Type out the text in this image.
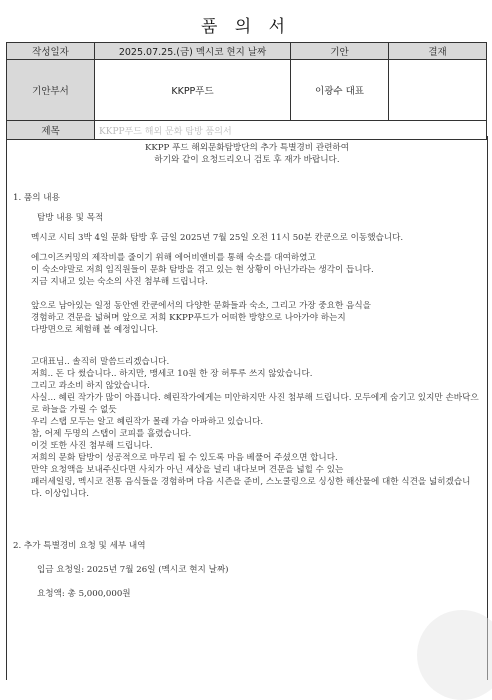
품 의 서
작성일자	2025.07.25.(금) 멕시코 현지 날짜	기안	결재
기안부서	KKPP푸드	이광수 대표	
제목	KKPP푸드 해외 문화 탐방 품의서		

KKPP 푸드 해외문화탐방단의 추가 특별경비 관련하여

하기와 같이 요청드리오니 검토 후 재가 바랍니다.

1. 품의 내용

탐방 내용 및 목적

멕시코 시티 3박 4일 문화 탐방 후 금일 2025년 7월 25일 오전 11시 50분 칸쿤으로 이동했습니다.

에그이즈커밍의 제작비를 줄이기 위해 에어비앤비를 통해 숙소를 대여하였고

이 숙소야말로 저희 임직원들이 문화 탐방을 겪고 있는 현 상황이 아닌가라는 생각이 듭니다.

지금 지내고 있는 숙소의 사진 첨부해 드립니다.

앞으로 남아있는 일정 동안엔 칸쿤에서의 다양한 문화들과 숙소, 그리고 가장 중요한 음식을

경험하고 견문을 넓혀며 앞으로 저희 KKPP푸드가 어떠한 방향으로 나아가야 하는지

다방면으로 체험해 볼 예정입니다.

고대표님.. 솔직히 말씀드리겠습니다.

저희.. 돈 다 썼습니다.. 하지만, 맹세코 10원 한 장 허투루 쓰지 않았습니다.

그리고 과소비 하지 않았습니다.

사실... 혜린 작가가 많이 아픕니다. 혜린작가에게는 미안하지만 사진 첨부해 드립니다. 모두에게 숨기고 있지만 손바닥으로 하늘을 가릴 수 없듯

우리 스탭 모두는 알고 혜린작가 몰래 가슴 아파하고 있습니다.

참, 어제 두명의 스탭이 코피를 흘렸습니다.

이것 또한 사진 첨부해 드립니다.

저희의 문화 탐방이 성공적으로 마무리 될 수 있도록 마음 베풀어 주셨으면 합니다.

만약 요청액을 보내주신다면 사치가 아닌 세상을 널리 내다보며 견문을 넓힐 수 있는

패러세일링, 멕시코 전통 음식들을 경험하며 다음 시즌을 준비, 스노쿨링으로 싱싱한 해산물에 대한 식견을 넓히겠습니다. 이상입니다.

2. 추가 특별경비 요청 및 세부 내역

입금 요청일: 2025년 7월 26일 (멕시코 현지 날짜)

요청액: 총 5,000,000원
